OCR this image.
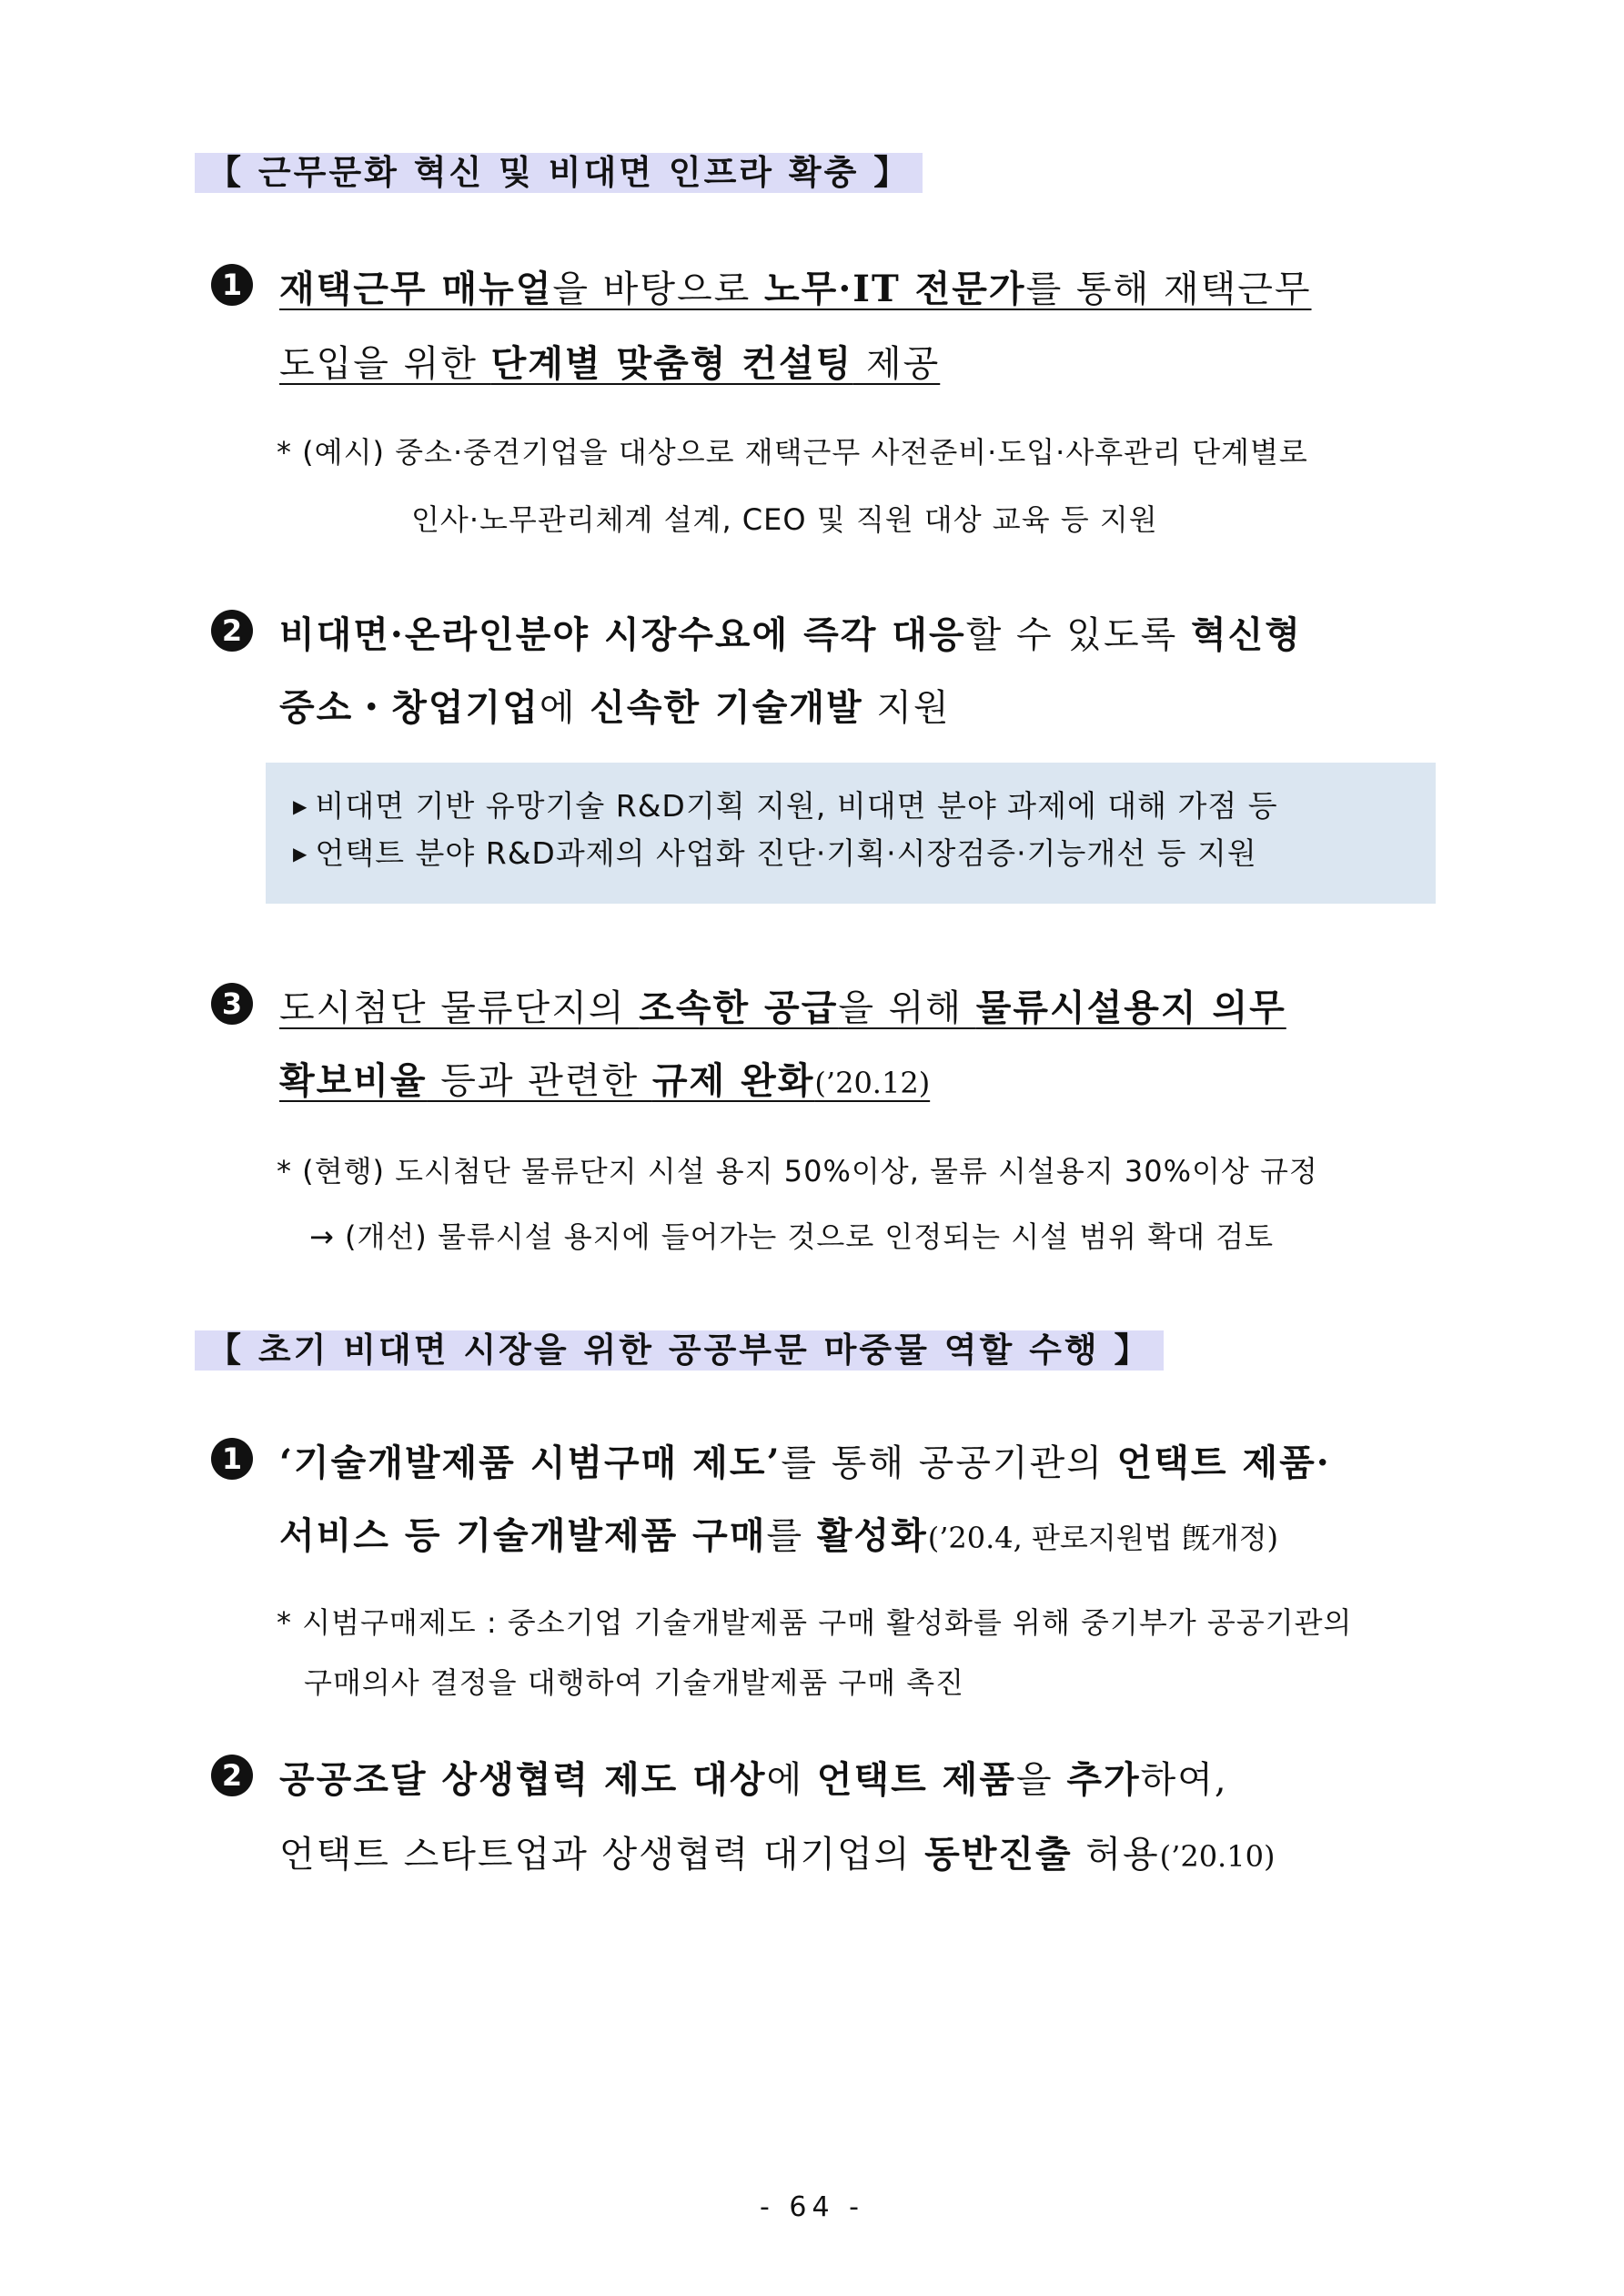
【 근무문화 혁신 및 비대면 인프라 확충 】
1 재택근무 매뉴얼을 바탕으로 노무·IT 전문가를 통해 재택근무
도입을 위한 단계별 맞춤형 컨설팅 제공
* (예시) 중소·중견기업을 대상으로 재택근무 사전준비·도입·사후관리 단계별로
인사·노무관리체계 설계, CEO 및 직원 대상 교육 등 지원
2 비대면·온라인분야 시장수요에 즉각 대응할 수 있도록 혁신형
중소・창업기업에 신속한 기술개발 지원
▶ 비대면 기반 유망기술 R&D기획 지원, 비대면 분야 과제에 대해 가점 등
▶ 언택트 분야 R&D과제의 사업화 진단·기획·시장검증·기능개선 등 지원
3 도시첨단 물류단지의 조속한 공급을 위해 물류시설용지 의무
확보비율 등과 관련한 규제 완화(’20.12)
* (현행) 도시첨단 물류단지 시설 용지 50%이상, 물류 시설용지 30%이상 규정
→ (개선) 물류시설 용지에 들어가는 것으로 인정되는 시설 범위 확대 검토
【 초기 비대면 시장을 위한 공공부문 마중물 역할 수행 】
1 ‘기술개발제품 시범구매 제도’를 통해 공공기관의 언택트 제품·
서비스 등 기술개발제품 구매를 활성화(’20.4, 판로지원법 旣개정)
* 시범구매제도 : 중소기업 기술개발제품 구매 활성화를 위해 중기부가 공공기관의
구매의사 결정을 대행하여 기술개발제품 구매 촉진
2 공공조달 상생협력 제도 대상에 언택트 제품을 추가하여,
언택트 스타트업과 상생협력 대기업의 동반진출 허용(’20.10)
- 64 -
